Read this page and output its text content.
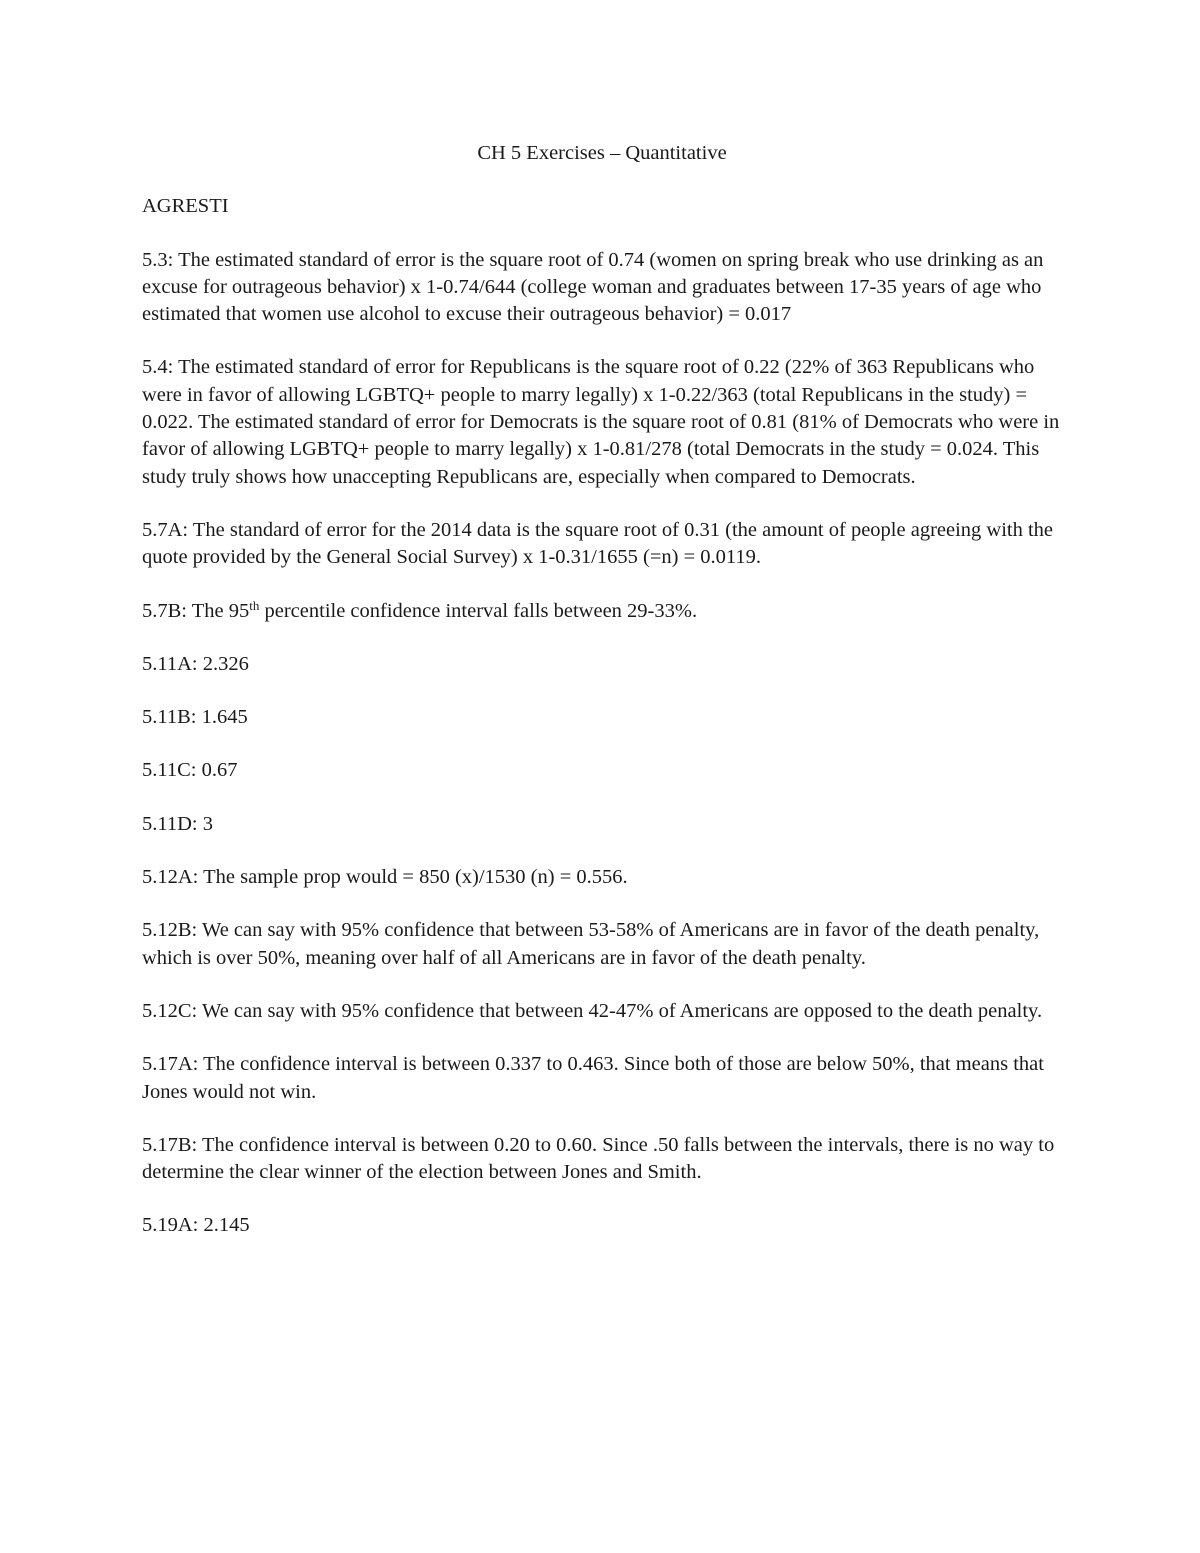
CH 5 Exercises – Quantitative

AGRESTI

5.3: The estimated standard of error is the square root of 0.74 (women on spring break who use drinking as an excuse for outrageous behavior) x 1-0.74/644 (college woman and graduates between 17-35 years of age who estimated that women use alcohol to excuse their outrageous behavior) = 0.017

5.4: The estimated standard of error for Republicans is the square root of 0.22 (22% of 363 Republicans who were in favor of allowing LGBTQ+ people to marry legally) x 1-0.22/363 (total Republicans in the study) = 0.022. The estimated standard of error for Democrats is the square root of 0.81 (81% of Democrats who were in favor of allowing LGBTQ+ people to marry legally) x 1-0.81/278 (total Democrats in the study = 0.024. This study truly shows how unaccepting Republicans are, especially when compared to Democrats.

5.7A: The standard of error for the 2014 data is the square root of 0.31 (the amount of people agreeing with the quote provided by the General Social Survey) x 1-0.31/1655 (=n) = 0.0119.

5.7B: The 95th percentile confidence interval falls between 29-33%.

5.11A: 2.326

5.11B: 1.645

5.11C: 0.67

5.11D: 3

5.12A: The sample prop would = 850 (x)/1530 (n) = 0.556.

5.12B: We can say with 95% confidence that between 53-58% of Americans are in favor of the death penalty, which is over 50%, meaning over half of all Americans are in favor of the death penalty.

5.12C: We can say with 95% confidence that between 42-47% of Americans are opposed to the death penalty.

5.17A: The confidence interval is between 0.337 to 0.463. Since both of those are below 50%, that means that Jones would not win.

5.17B: The confidence interval is between 0.20 to 0.60. Since .50 falls between the intervals, there is no way to determine the clear winner of the election between Jones and Smith.

5.19A: 2.145
